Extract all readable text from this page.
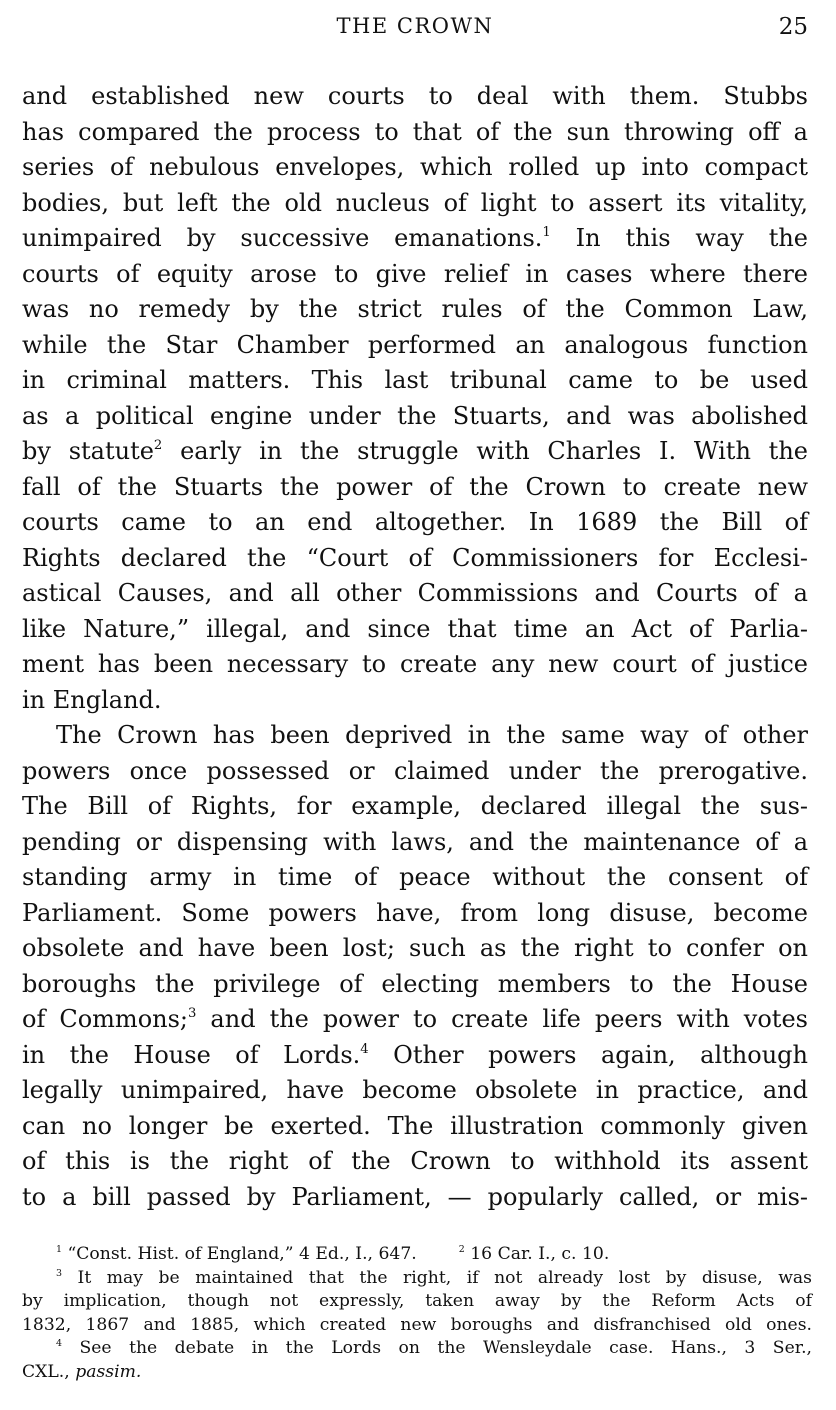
THE CROWN	25
and established new courts to deal with them. Stubbs
has compared the process to that of the sun throwing off a
series of nebulous envelopes, which rolled up into compact
bodies, but left the old nucleus of light to assert its vitality,
unimpaired by successive emanations.$^1$ In this way the
courts of equity arose to give relief in cases where there
was no remedy by the strict rules of the Common Law,
while the Star Chamber performed an analogous function
in criminal matters. This last tribunal came to be used
as a political engine under the Stuarts, and was abolished
by statute$^2$ early in the struggle with Charles I. With the
fall of the Stuarts the power of the Crown to create new
courts came to an end altogether. In 1689 the Bill of
Rights declared the “Court of Commissioners for Ecclesi-
astical Causes, and all other Commissions and Courts of a
like Nature,” illegal, and since that time an Act of Parlia-
ment has been necessary to create any new court of justice
in England.
The Crown has been deprived in the same way of other
powers once possessed or claimed under the prerogative.
The Bill of Rights, for example, declared illegal the sus-
pending or dispensing with laws, and the maintenance of a
standing army in time of peace without the consent of
Parliament. Some powers have, from long disuse, become
obsolete and have been lost; such as the right to confer on
boroughs the privilege of electing members to the House
of Commons;$^3$ and the power to create life peers with votes
in the House of Lords.$^4$ Other powers again, although
legally unimpaired, have become obsolete in practice, and
can no longer be exerted. The illustration commonly given
of this is the right of the Crown to withhold its assent
to a bill passed by Parliament, — popularly called, or mis-
$^1$ “Const. Hist. of England,” 4 Ed., I., 647.	$^2$ 16 Car. I., c. 10.
$^3$ It may be maintained that the right, if not already lost by disuse, was
by implication, though not expressly, taken away by the Reform Acts of
1832, 1867 and 1885, which created new boroughs and disfranchised old ones.
$^4$ See the debate in the Lords on the Wensleydale case. Hans., 3 Ser.,
CXL., passim.
